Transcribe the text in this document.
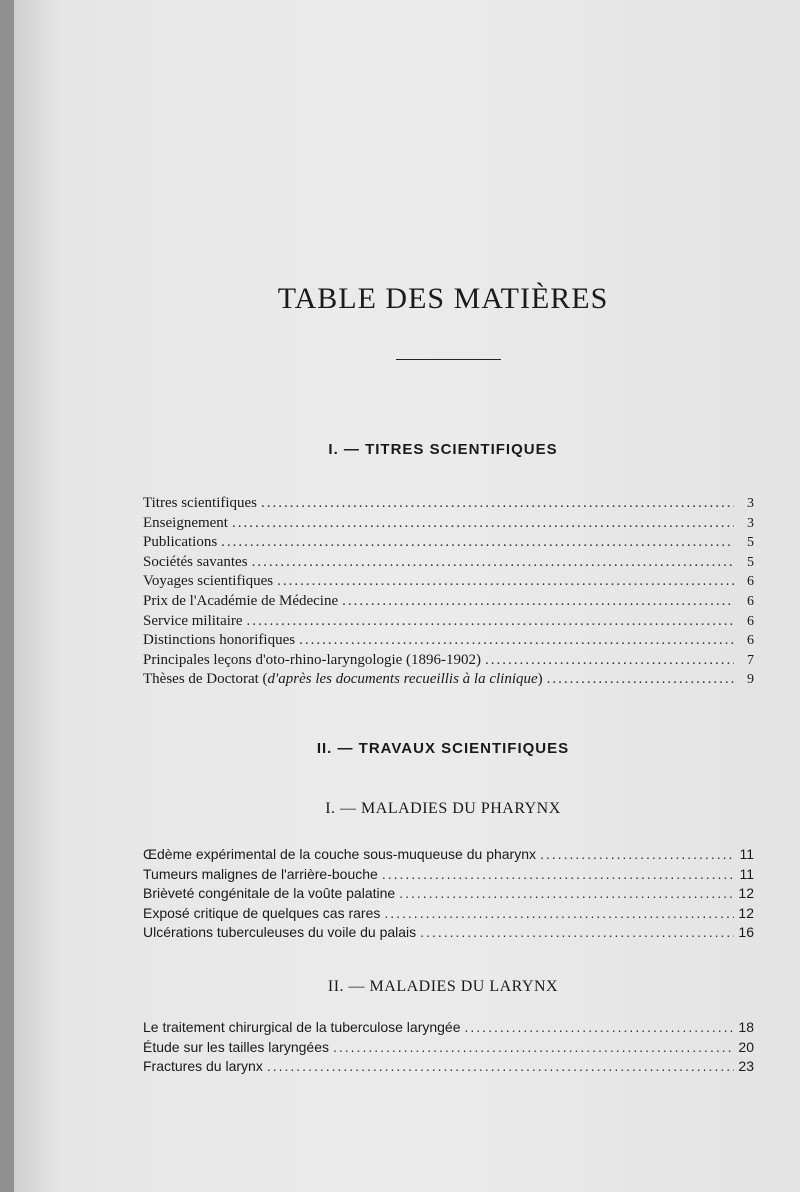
TABLE DES MATIÈRES
I. — TITRES SCIENTIFIQUES
Titres scientifiques .....	3
Enseignement .....	3
Publications .....	5
Sociétés savantes .....	5
Voyages scientifiques .....	6
Prix de l'Académie de Médecine .....	6
Service militaire .....	6
Distinctions honorifiques .....	6
Principales leçons d'oto-rhino-laryngologie (1896-1902) .....	7
Thèses de Doctorat (d'après les documents recueillis à la clinique) .....	9
II. — TRAVAUX SCIENTIFIQUES
I. — MALADIES DU PHARYNX
Œdème expérimental de la couche sous-muqueuse du pharynx .....	11
Tumeurs malignes de l'arrière-bouche .....	11
Brièveté congénitale de la voûte palatine .....	12
Exposé critique de quelques cas rares .....	12
Ulcérations tuberculeuses du voile du palais .....	16
II. — MALADIES DU LARYNX
Le traitement chirurgical de la tuberculose laryngée .....	18
Étude sur les tailles laryngées .....	20
Fractures du larynx .....	23
